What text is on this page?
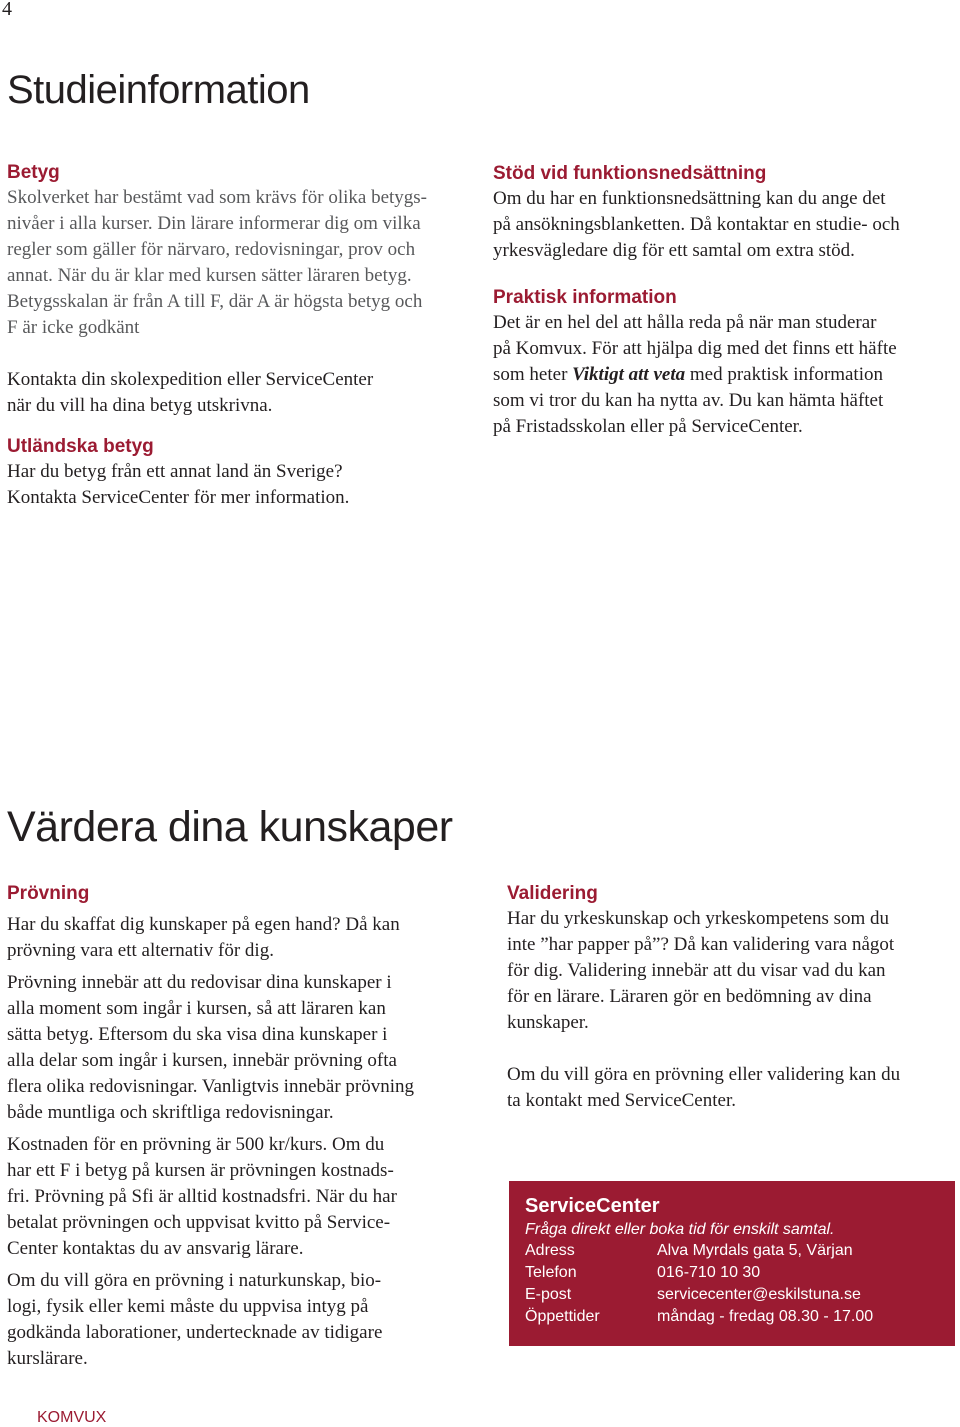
4
Studieinformation
Betyg

Skolverket har bestämt vad som krävs för olika betygs-

nivåer i alla kurser. Din lärare informerar dig om vilka

regler som gäller för närvaro, redovisningar, prov och

annat. När du är klar med kursen sätter läraren betyg.

Betygsskalan är från A till F, där A är högsta betyg och

F är icke godkänt

Kontakta din skolexpedition eller ServiceCenter

när du vill ha dina betyg utskrivna.

Utländska betyg

Har du betyg från ett annat land än Sverige?

Kontakta ServiceCenter för mer information.

Stöd vid funktionsnedsättning

Om du har en funktionsnedsättning kan du ange det

på ansökningsblanketten. Då kontaktar en studie- och

yrkesvägledare dig för ett samtal om extra stöd.

Praktisk information

Det är en hel del att hålla reda på när man studerar

på Komvux. För att hjälpa dig med det finns ett häfte

som heter Viktigt att veta med praktisk information

som vi tror du kan ha nytta av. Du kan hämta häftet

på Fristadsskolan eller på ServiceCenter.

Värdera dina kunskaper
Prövning

Har du skaffat dig kunskaper på egen hand? Då kan

prövning vara ett alternativ för dig.

Prövning innebär att du redovisar dina kunskaper i

alla moment som ingår i kursen, så att läraren kan

sätta betyg. Eftersom du ska visa dina kunskaper i

alla delar som ingår i kursen, innebär prövning ofta

flera olika redovisningar. Vanligtvis innebär prövning

både muntliga och skriftliga redovisningar.

Kostnaden för en prövning är 500 kr/kurs. Om du

har ett F i betyg på kursen är prövningen kostnads-

fri. Prövning på Sfi är alltid kostnadsfri. När du har

betalat prövningen och uppvisat kvitto på Service-

Center kontaktas du av ansvarig lärare.

Om du vill göra en prövning i naturkunskap, bio-

logi, fysik eller kemi måste du uppvisa intyg på

godkända laborationer, undertecknade av tidigare

kurslärare.

Validering

Har du yrkeskunskap och yrkeskompetens som du

inte ”har papper på”? Då kan validering vara något

för dig. Validering innebär att du visar vad du kan

för en lärare. Läraren gör en bedömning av dina

kunskaper.

Om du vill göra en prövning eller validering kan du

ta kontakt med ServiceCenter.

ServiceCenter
Fråga direkt eller boka tid för enskilt samtal.
Adress	Alva Myrdals gata 5, Värjan
Telefon	016-710 10 30
E-post	servicecenter@eskilstuna.se
Öppettider	måndag - fredag 08.30 - 17.00
KOMVUX
